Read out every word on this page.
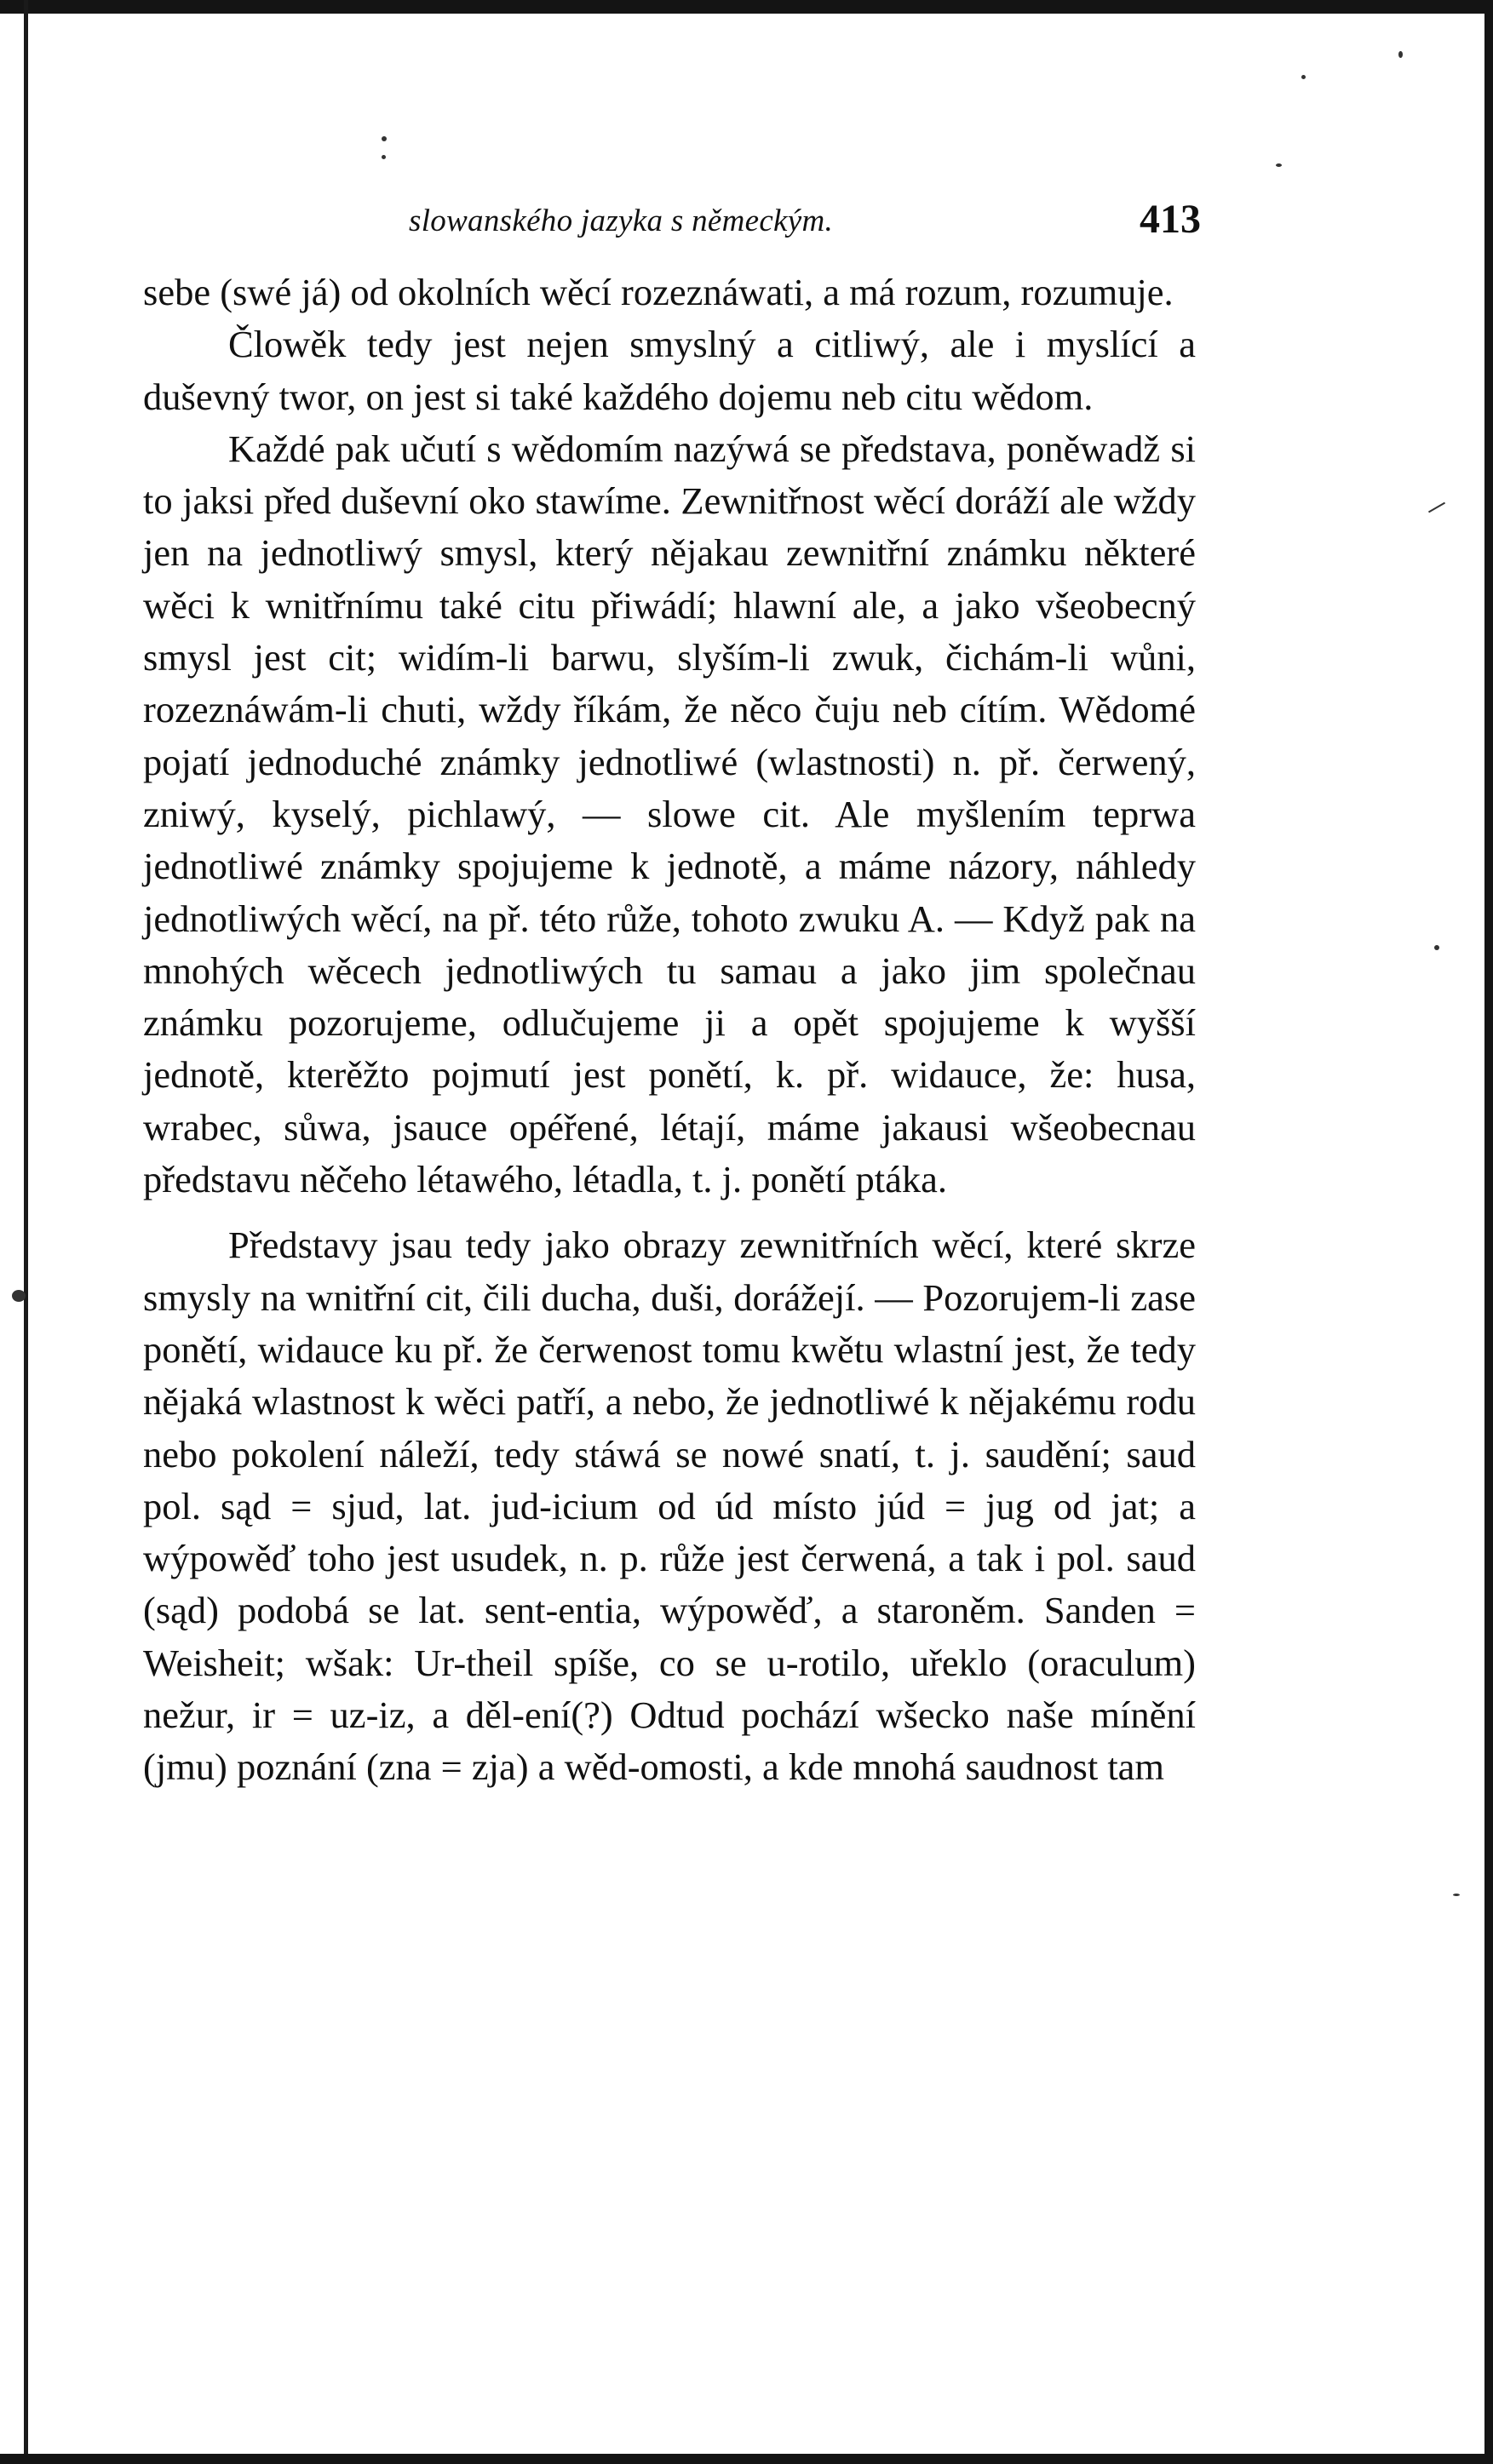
slowanského jazyka s německým.	413

sebe (swé já) od okolních wěcí rozeznáwati, a má rozum, rozumuje.

Člowěk tedy jest nejen smyslný a citliwý, ale i myslící a duševný twor, on jest si také každého dojemu neb citu wědom.

Každé pak učutí s wědomím nazýwá se představa, poněwadž si to jaksi před duševní oko stawíme. Zewnitřnost wěcí doráží ale wždy jen na jednotliwý smysl, který nějakau zewnitřní známku některé wěci k wnitřnímu také citu přiwádí; hlawní ale, a jako všeobecný smysl jest cit; widím-li barwu, slyším-li zwuk, čichám-li wůni, rozeznáwám-li chuti, wždy říkám, že něco čuju neb cítím. Wědomé pojatí jednoduché známky jednotliwé (wlastnosti) n. př. čerwený, zniwý, kyselý, pichlawý, — slowe cit. Ale myšlením teprwa jednotliwé známky spojujeme k jednotě, a máme názory, náhledy jednotliwých wěcí, na př. této růže, tohoto zwuku A. — Když pak na mnohých wěcech jednotliwých tu samau a jako jim společnau známku pozorujeme, odlučujeme ji a opět spojujeme k wyšší jednotě, kterěžto pojmutí jest ponětí, k. př. widauce, že: husa, wrabec, sůwa, jsauce opéřené, létají, máme jakausi wšeobecnau představu něčeho létawého, létadla, t. j. ponětí ptáka.

Představy jsau tedy jako obrazy zewnitřních wěcí, které skrze smysly na wnitřní cit, čili ducha, duši, dorážejí. — Pozorujem-li zase ponětí, widauce ku př. že čerwenost tomu kwětu wlastní jest, že tedy nějaká wlastnost k wěci patří, a nebo, že jednotliwé k nějakému rodu nebo pokolení náleží, tedy stáwá se nowé snatí, t. j. saudění; saud pol. sąd = sjud, lat. jud-icium od úd místo júd = jug od jat; a wýpowěď toho jest usudek, n. p. růže jest čerwená, a tak i pol. saud (sąd) podobá se lat. sent-entia, wýpowěď, a staroněm. Sanden = Weisheit; wšak: Ur-theil spíše, co se u-rotilo, uřeklo (oraculum) nežur, ir = uz-iz, a děl-ení(?) Odtud pochází wšecko naše mínění (jmu) poznání (zna = zja) a wěd-omosti, a kde mnohá saudnost tam
